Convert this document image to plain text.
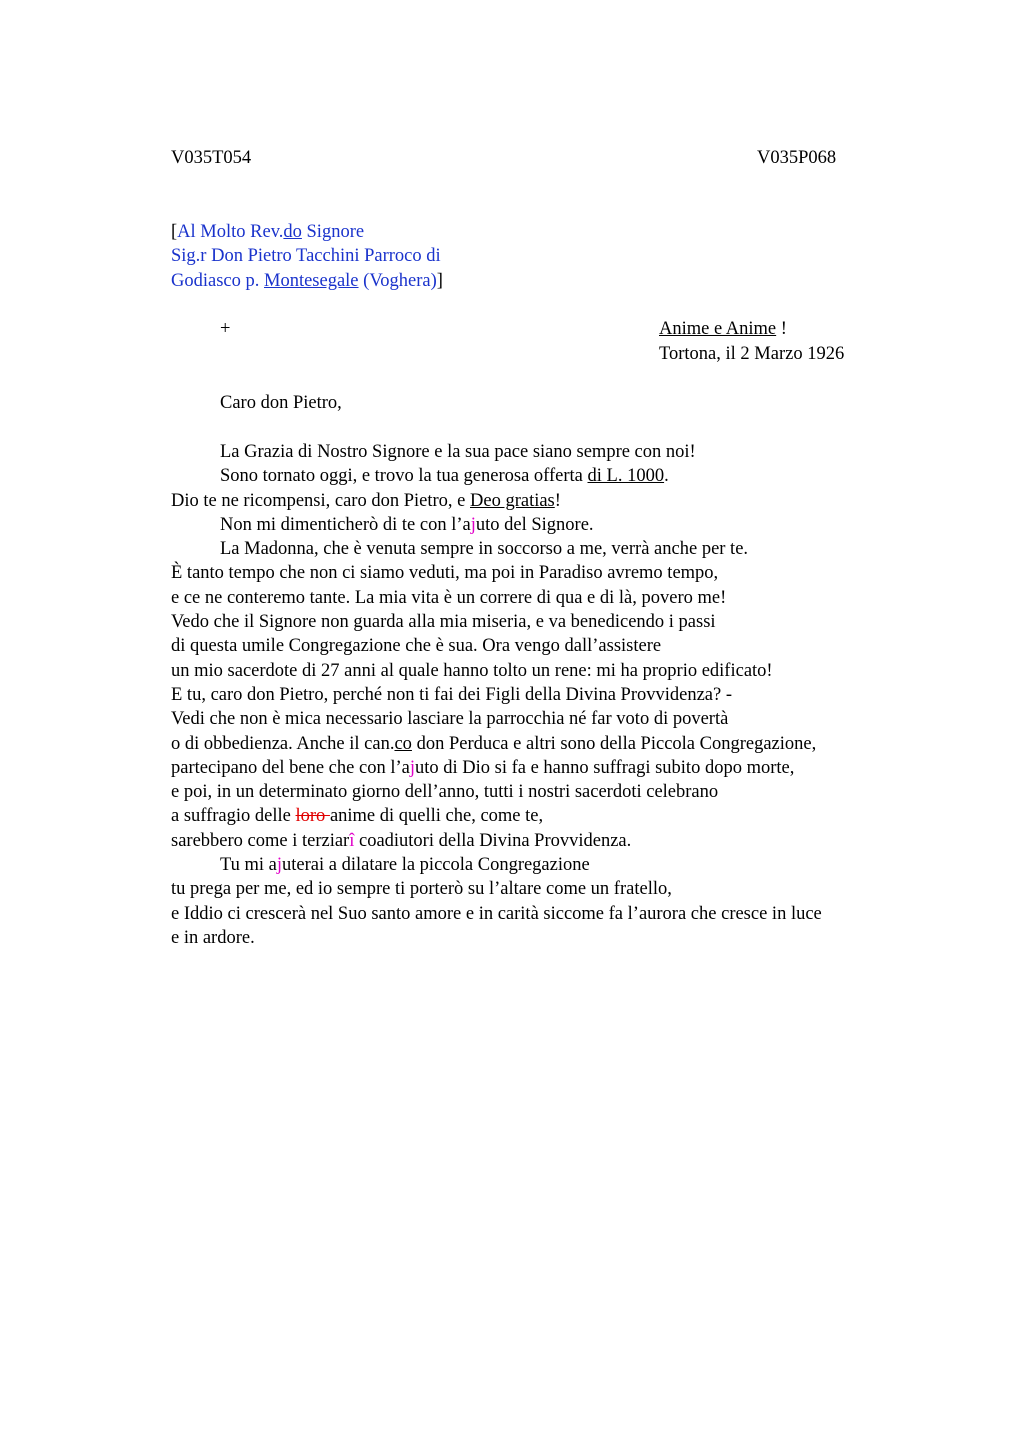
V035T054	V035P068
[Al Molto Rev.do Signore
Sig.r Don Pietro Tacchini Parroco di
Godiasco p. Montesegale (Voghera)]
+	Anime e Anime !
Tortona, il 2 Marzo 1926
Caro don Pietro,
La Grazia di Nostro Signore e la sua pace siano sempre con noi!
Sono tornato oggi, e trovo la tua generosa offerta di L. 1000.
Dio te ne ricompensi, caro don Pietro, e Deo gratias!
Non mi dimenticherò di te con l’ajuto del Signore.
La Madonna, che è venuta sempre in soccorso a me, verrà anche per te.
È tanto tempo che non ci siamo veduti, ma poi in Paradiso avremo tempo,
e ce ne conteremo tante. La mia vita è un correre di qua e di là, povero me!
Vedo che il Signore non guarda alla mia miseria, e va benedicendo i passi
di questa umile Congregazione che è sua. Ora vengo dall’assistere
un mio sacerdote di 27 anni al quale hanno tolto un rene: mi ha proprio edificato!
E tu, caro don Pietro, perché non ti fai dei Figli della Divina Provvidenza? -
Vedi che non è mica necessario lasciare la parrocchia né far voto di povertà
o di obbedienza. Anche il can.co don Perduca e altri sono della Piccola Congregazione,
partecipano del bene che con l’ajuto di Dio si fa e hanno suffragi subito dopo morte,
e poi, in un determinato giorno dell’anno, tutti i nostri sacerdoti celebrano
a suffragio delle loro anime di quelli che, come te,
sarebbero come i terziarî coadiutori della Divina Provvidenza.
Tu mi ajuterai a dilatare la piccola Congregazione
tu prega per me, ed io sempre ti porterò su l’altare come un fratello,
e Iddio ci crescerà nel Suo santo amore e in carità siccome fa l’aurora che cresce in luce
e in ardore.
